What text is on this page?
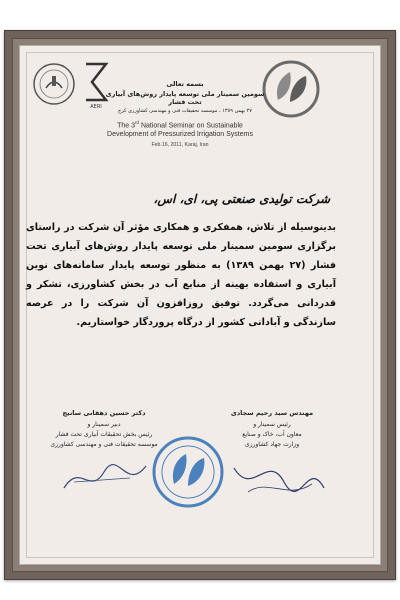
AERI
بسمه تعالی
سومین سمینار ملی توسعه پایدار روش‌های آبیاری تحت فشار
۲۷ بهمن ۱۳۸۹ ، موسسه تحقیقات فنی و مهندسی کشاورزی کرج
The 3rd National Seminar on Sustainable
Development of Pressurized Irrigation Systems
Feb.16, 2011, Karaj, Iran
شرکت تولیدی صنعتی پی، ای، اس،
بدینوسیله از تلاش، همفکری و همکاری مؤثر آن شرکت در راستای برگزاری سومین سمینار ملی توسعه پایدار روش‌های آبیاری تحت فشار (۲۷ بهمن ۱۳۸۹) به منظور توسعه پایدار سامانه‌های نوین آبیاری و استفاده بهینه از منابع آب در بخش کشاورزی، تشکر و قدردانی می‌گردد. توفیق روزافزون آن شرکت را در عرصه سازندگی و آبادانی کشور از درگاه پروردگار خواستاریم.
دکتر حسین دهقانی سانیج
دبیر سمینار و
رئیس بخش تحقیقات آبیاری تحت فشار
موسسه تحقیقات فنی و مهندسی کشاورزی
مهندس سید رحیم سجادی
رئیس سمینار و
معاون آب، خاک و صنایع
وزارت جهاد کشاورزی
